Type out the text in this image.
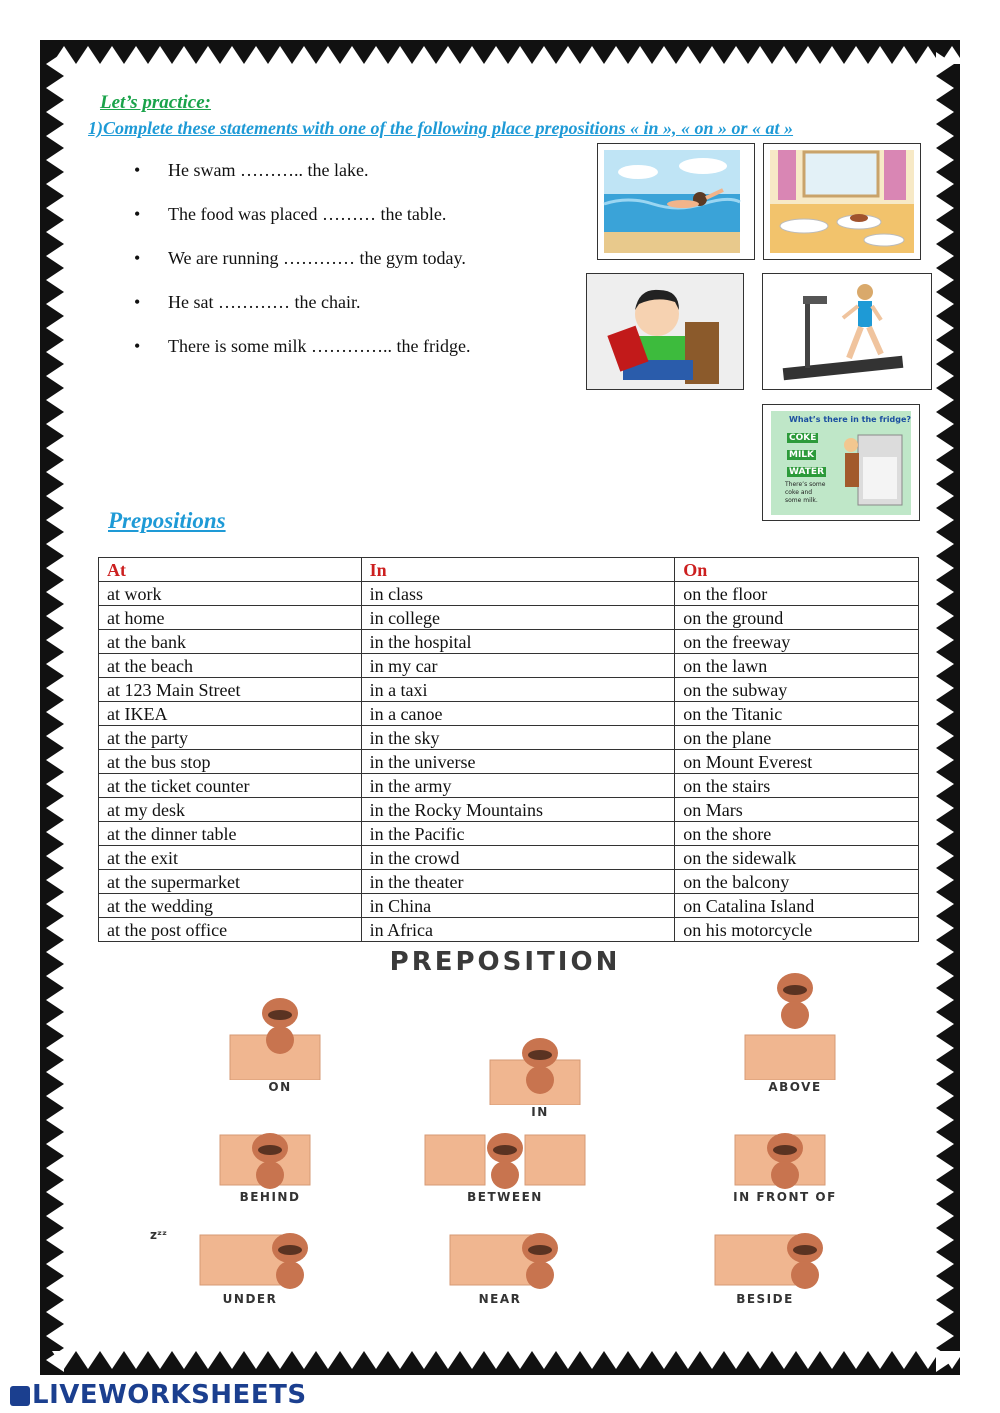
Let’s practice:
1)Complete these statements with one of the following place prepositions « in », « on » or « at »
• He swam ……….. the lake.
• The food was placed ……… the table.
• We are running ………… the gym today.
• He sat ………… the chair.
• There is some milk ………….. the fridge.
What’s there in the fridge?
COKE
MILK
WATER
There’s some
coke and
some milk.
Prepositions
At	In	On
at work	in class	on the floor
at home	in college	on the ground
at the bank	in the hospital	on the freeway
at the beach	in my car	on the lawn
at 123 Main Street	in a taxi	on the subway
at IKEA	in a canoe	on the Titanic
at the party	in the sky	on the plane
at the bus stop	in the universe	on Mount Everest
at the ticket counter	in the army	on the stairs
at my desk	in the Rocky Mountains	on Mars
at the dinner table	in the Pacific	on the shore
at the exit	in the crowd	on the sidewalk
at the supermarket	in the theater	on the balcony
at the wedding	in China	on Catalina Island
at the post office	in Africa	on his motorcycle
PREPOSITION
ON
IN
ABOVE
BEHIND	BETWEEN	IN FRONT OF
UNDER
zᶻᶻ
NEAR	BESIDE
LIVEWORKSHEETS
